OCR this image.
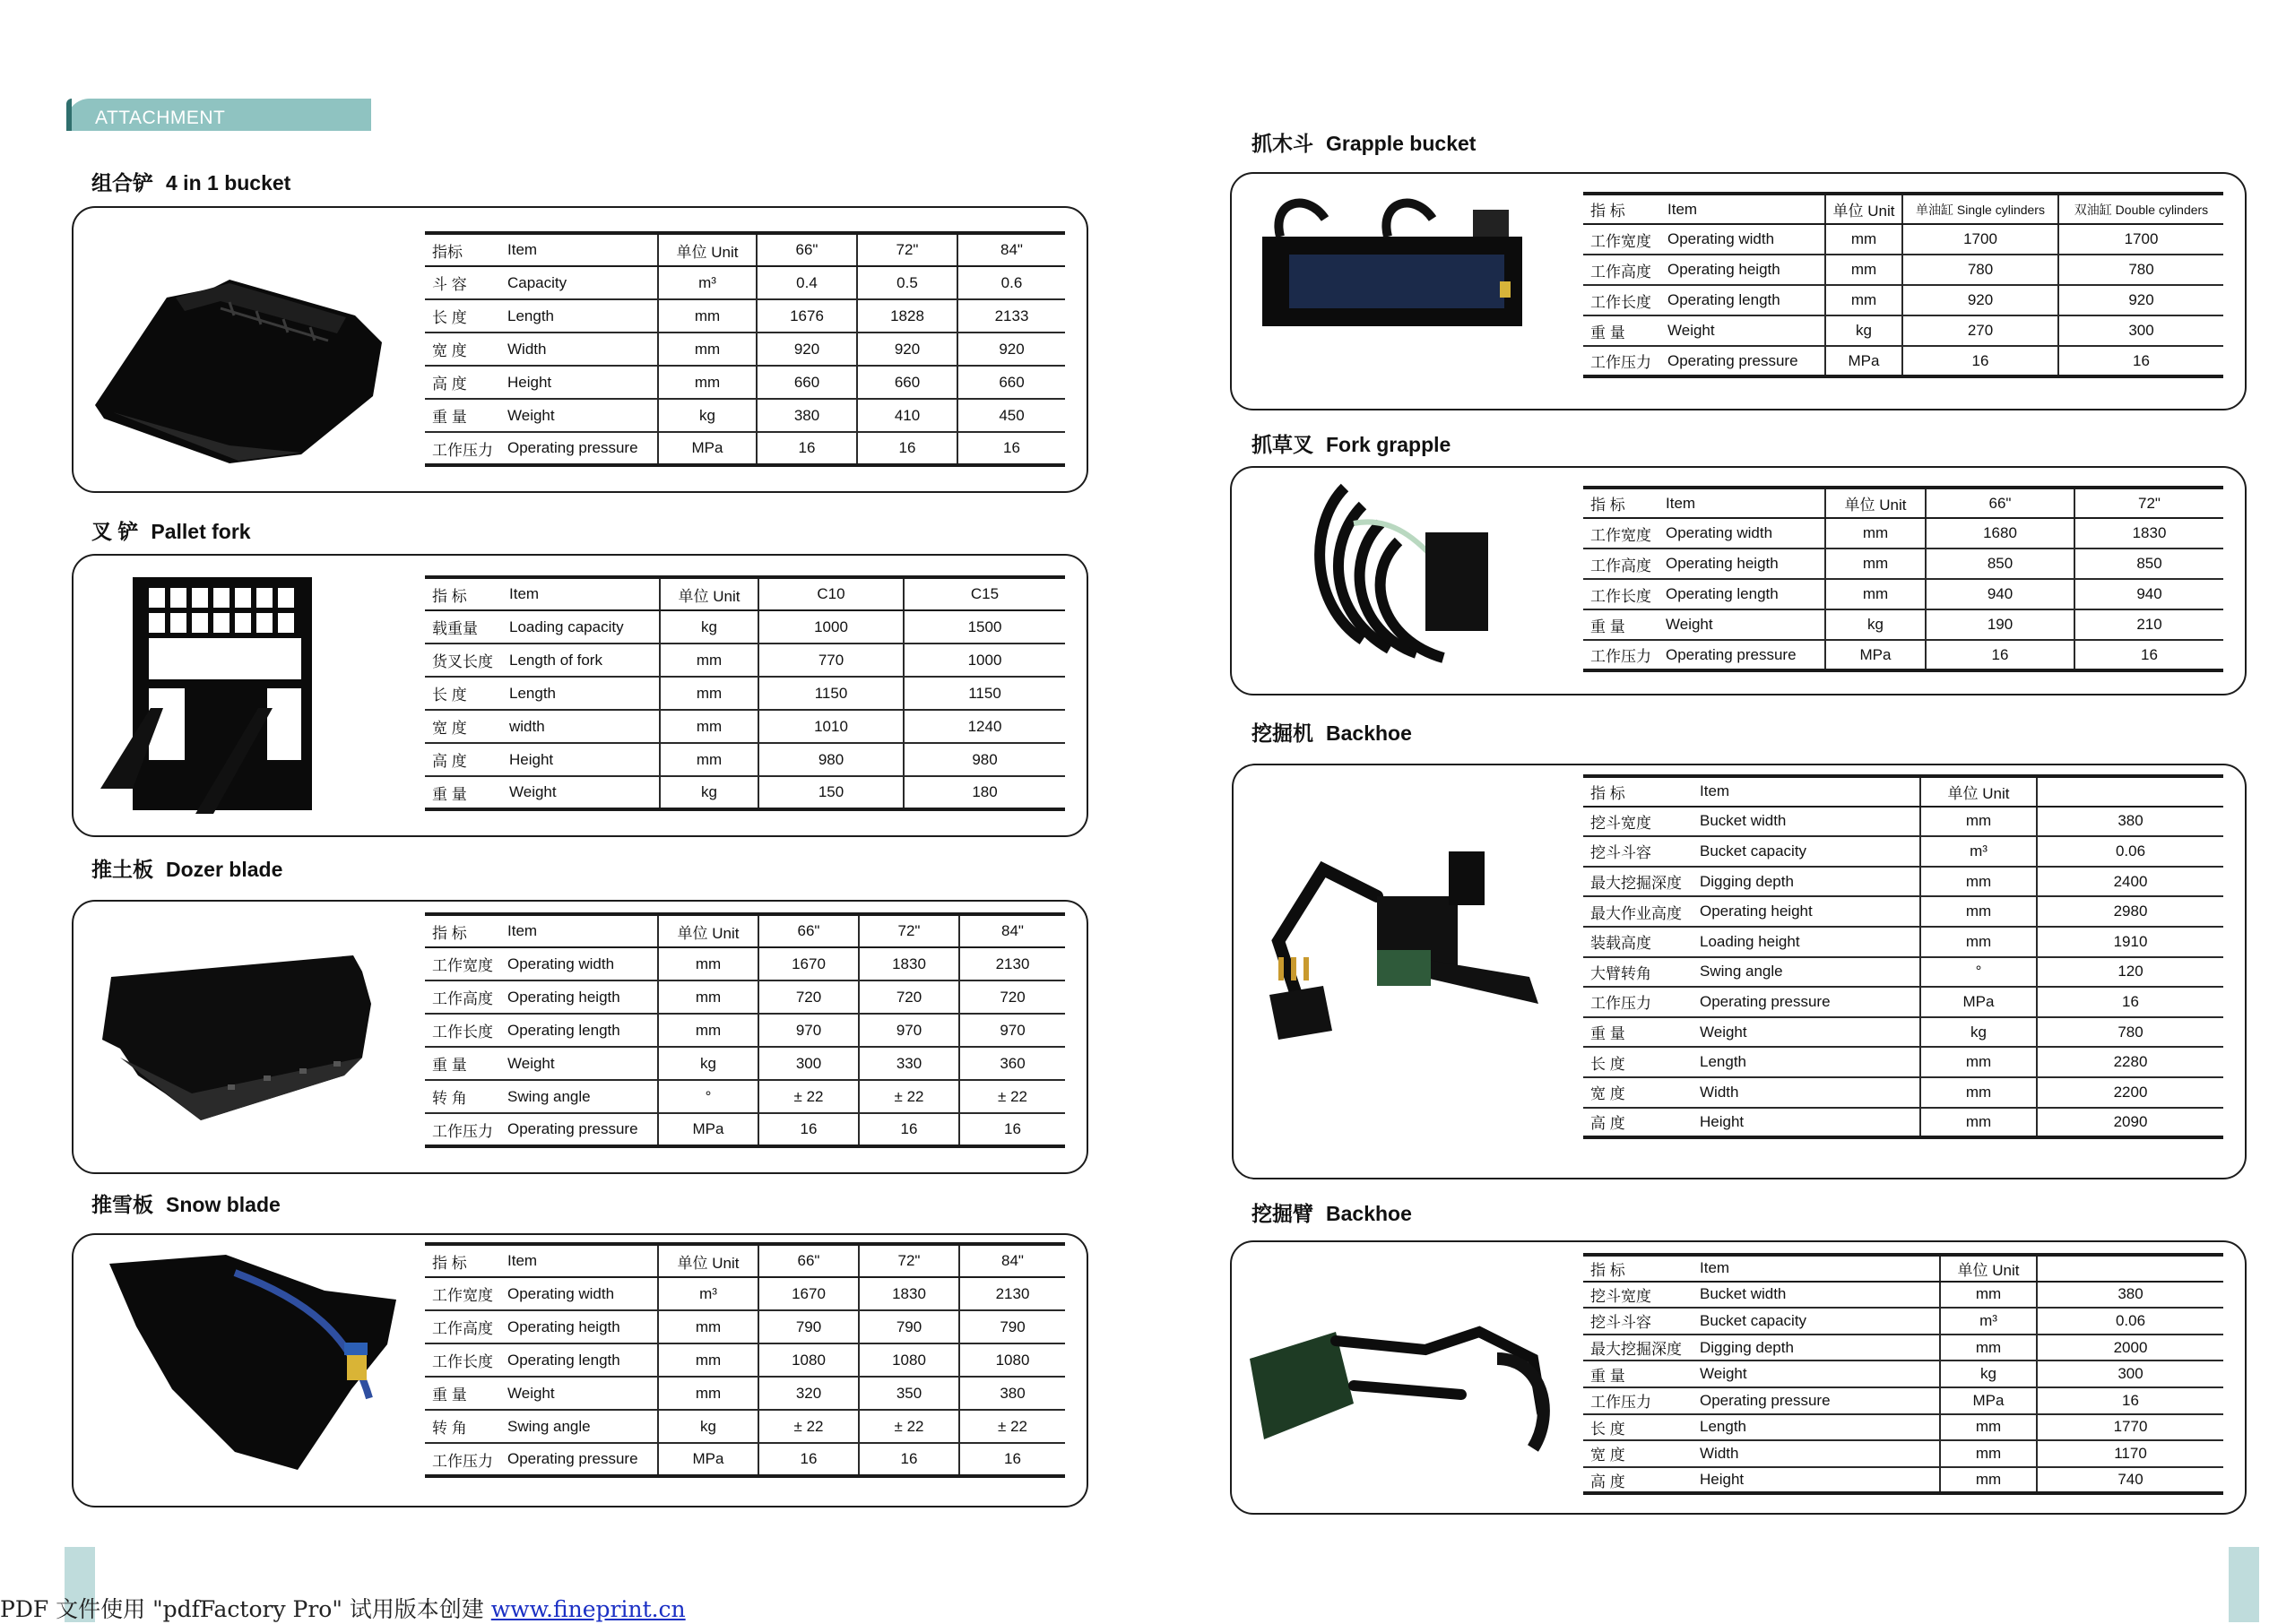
ATTACHMENT
组合铲 4 in 1 bucket
指标	Item	单位 Unit	66"	72"	84"
斗 容	Capacity	m³	0.4	0.5	0.6
长 度	Length	mm	1676	1828	2133
宽 度	Width	mm	920	920	920
高 度	Height	mm	660	660	660
重 量	Weight	kg	380	410	450
工作压力	Operating pressure	MPa	16	16	16
叉 铲 Pallet fork
指 标	Item	单位 Unit	C10	C15
载重量	Loading capacity	kg	1000	1500
货叉长度	Length of fork	mm	770	1000
长 度	Length	mm	1150	1150
宽 度	width	mm	1010	1240
高 度	Height	mm	980	980
重 量	Weight	kg	150	180
推土板 Dozer blade
指 标	Item	单位 Unit	66"	72"	84"
工作宽度	Operating width	mm	1670	1830	2130
工作高度	Operating heigth	mm	720	720	720
工作长度	Operating length	mm	970	970	970
重 量	Weight	kg	300	330	360
转 角	Swing angle	°	± 22	± 22	± 22
工作压力	Operating pressure	MPa	16	16	16
推雪板 Snow blade
指 标	Item	单位 Unit	66"	72"	84"
工作宽度	Operating width	m³	1670	1830	2130
工作高度	Operating heigth	mm	790	790	790
工作长度	Operating length	mm	1080	1080	1080
重 量	Weight	mm	320	350	380
转 角	Swing angle	kg	± 22	± 22	± 22
工作压力	Operating pressure	MPa	16	16	16
抓木斗 Grapple bucket
指 标	Item	单位 Unit	单油缸 Single cylinders	双油缸 Double cylinders
工作宽度	Operating width	mm	1700	1700
工作高度	Operating heigth	mm	780	780
工作长度	Operating length	mm	920	920
重 量	Weight	kg	270	300
工作压力	Operating pressure	MPa	16	16
抓草叉 Fork grapple
指 标	Item	单位 Unit	66"	72"
工作宽度	Operating width	mm	1680	1830
工作高度	Operating heigth	mm	850	850
工作长度	Operating length	mm	940	940
重 量	Weight	kg	190	210
工作压力	Operating pressure	MPa	16	16
挖掘机 Backhoe
指 标	Item	单位 Unit	
挖斗宽度	Bucket width	mm	380
挖斗斗容	Bucket capacity	m³	0.06
最大挖掘深度	Digging depth	mm	2400
最大作业高度	Operating height	mm	2980
装载高度	Loading height	mm	1910
大臂转角	Swing angle	°	120
工作压力	Operating pressure	MPa	16
重 量	Weight	kg	780
长 度	Length	mm	2280
宽 度	Width	mm	2200
高 度	Height	mm	2090
挖掘臂 Backhoe
指 标	Item	单位 Unit	
挖斗宽度	Bucket width	mm	380
挖斗斗容	Bucket capacity	m³	0.06
最大挖掘深度	Digging depth	mm	2000
重 量	Weight	kg	300
工作压力	Operating pressure	MPa	16
长 度	Length	mm	1770
宽 度	Width	mm	1170
高 度	Height	mm	740
PDF 文件使用 "pdfFactory Pro" 试用版本创建 www.fineprint.cn
